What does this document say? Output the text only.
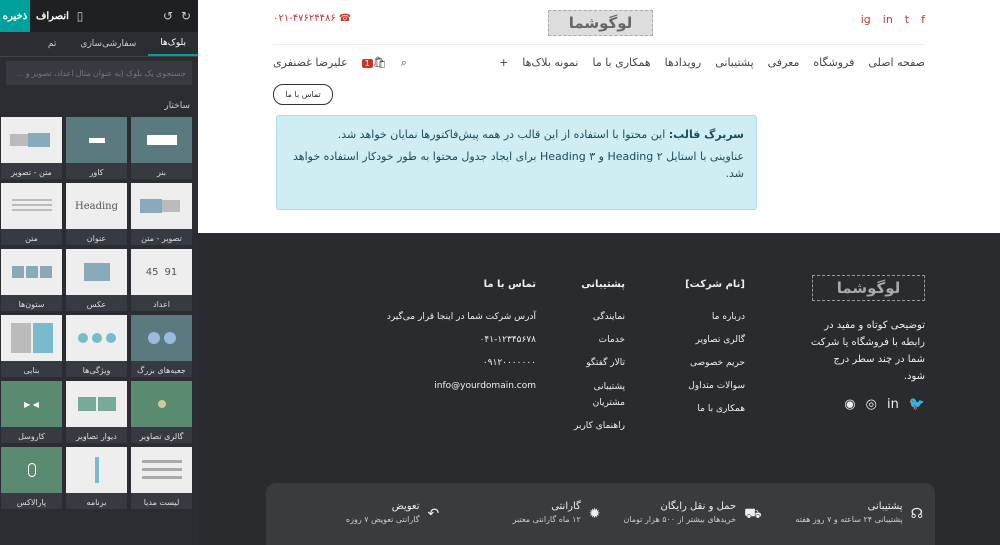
ذخیره انصراف ▯	↺ ↻
بلوک‌ها
سفارشی‌سازی
تم
جستجوی یک بلوک (به عنوان مثال اعداد، تصویر و ...
ساختار
بنر
کاور
متن - تصویر
تصویر - متن
Heading
عنوان
متن
91
45
اعداد
عکس
ستون‌ها
جعبه‌های بزرگ
ویژگی‌ها
بنایی
گالری تصاویر
دیوار تصاویر
◀ ▶
کاروسل
لیست مدیا
برنامه
پارالاکس
f
t
in
ig
لوگوشما
☎ ۰۲۱-۴۷۶۲۴۴۸۶
صفحه اصلی
فروشگاه
معرفی
پشتیبانی
رویدادها
همکاری با ما
نمونه بلاک‌ها
+
⌕
🛍1
علیرضا غضنفری
تماس با ما
سربرگ قالب: این محتوا با استفاده از این قالب در همه پیش‌فاکتورها نمایان خواهد شد.
عناوینی با استایل Heading ۲ و Heading ۳ برای ایجاد جدول محتوا به طور خودکار استفاده خواهد شد.
لوگوشما
توضیحی کوتاه و مفید در رابطه با فروشگاه یا شرکت شما در چند سطر درج شود.
🐦
in
◎
◉
[نام شرکت]
درباره ما
گالری تصاویر
حریم خصوصی
سوالات متداول
همکاری با ما
پشتیبانی
نمایندگی
خدمات
تالار گفتگو
پشتیبانی مشتریان
راهنمای کاربر
تماس با ما
آدرس شرکت شما در اینجا قرار می‌گیرد
۰۴۱-۱۲۳۴۵۶۷۸
۰۹۱۲۰۰۰۰۰۰۰
info@yourdomain.com
☊
پشتیبانی
پشتیبانی ۲۴ ساعته و ۷ روز هفته
⛟
حمل و نقل رایگان
خریدهای بیشتر از ۵۰۰ هزار تومان
✹
گارانتی
۱۲ ماه گارانتی معتبر
↶
تعویض
گارانتی تعویض ۷ روزه
